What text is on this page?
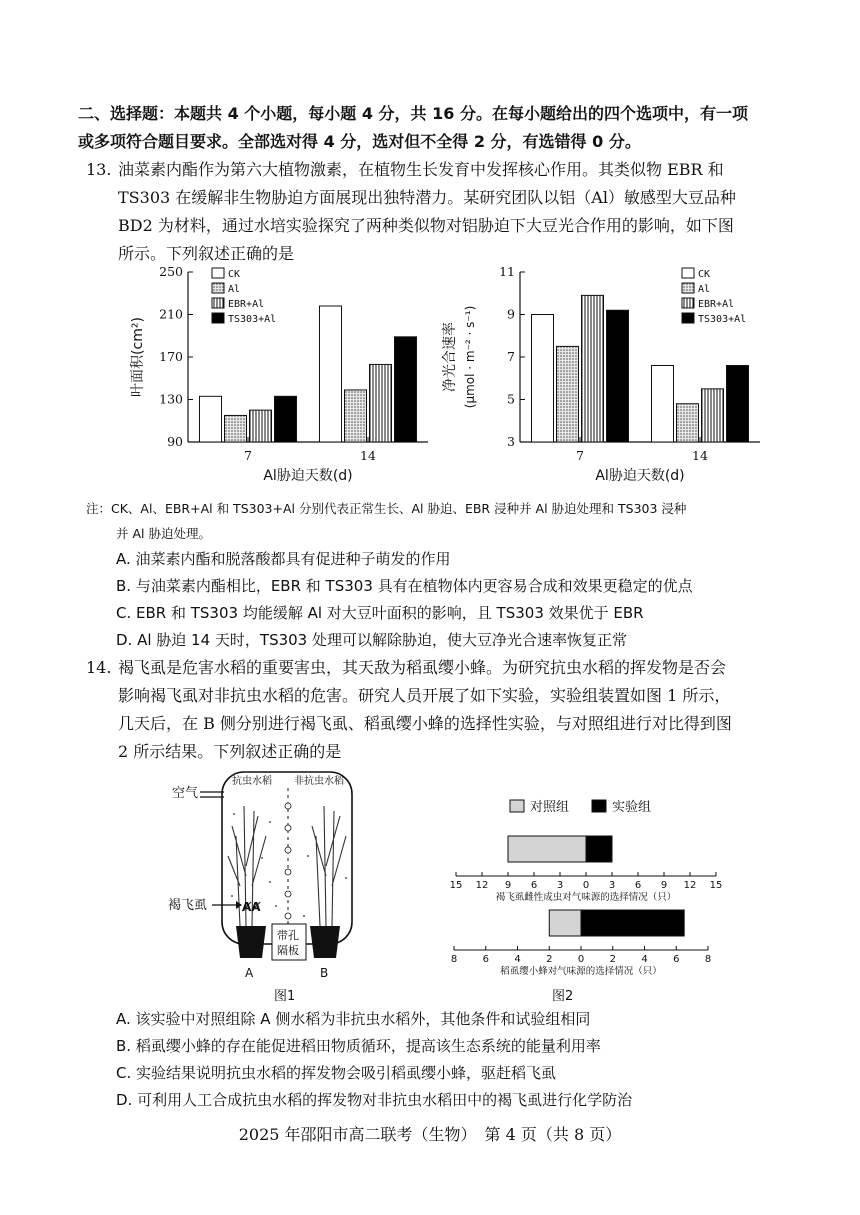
二、选择题：本题共 4 个小题，每小题 4 分，共 16 分。在每小题给出的四个选项中，有一项
或多项符合题目要求。全部选对得 4 分，选对但不全得 2 分，有选错得 0 分。
13. 油菜素内酯作为第六大植物激素，在植物生长发育中发挥核心作用。其类似物 EBR 和
TS303 在缓解非生物胁迫方面展现出独特潜力。某研究团队以铝（Al）敏感型大豆品种
BD2 为材料，通过水培实验探究了两种类似物对铝胁迫下大豆光合作用的影响，如下图
所示。下列叙述正确的是
90
130
170
210
250
7	14
Al胁迫天数(d)
叶面积(cm²)
CK
Al
EBR+Al
TS303+Al
3
5
7
9
11
7	14
Al胁迫天数(d)
净光合速率 (μmol · m⁻² · s⁻¹)
CK
Al
EBR+Al
TS303+Al
注：CK、Al、EBR+Al 和 TS303+Al 分别代表正常生长、Al 胁迫、EBR 浸种并 Al 胁迫处理和 TS303 浸种
并 Al 胁迫处理。
A. 油菜素内酯和脱落酸都具有促进种子萌发的作用
B. 与油菜素内酯相比，EBR 和 TS303 具有在植物体内更容易合成和效果更稳定的优点
C. EBR 和 TS303 均能缓解 Al 对大豆叶面积的影响，且 TS303 效果优于 EBR
D. Al 胁迫 14 天时，TS303 处理可以解除胁迫，使大豆净光合速率恢复正常
14. 褐飞虱是危害水稻的重要害虫，其天敌为稻虱缨小蜂。为研究抗虫水稻的挥发物是否会
影响褐飞虱对非抗虫水稻的危害。研究人员开展了如下实验，实验组装置如图 1 所示，
几天后，在 B 侧分别进行褐飞虱、稻虱缨小蜂的选择性实验，与对照组进行对比得到图
2 所示结果。下列叙述正确的是
空气
抗虫水稻 非抗虫水稻
褐飞虱	ȺȺ
带孔
隔板
A	B
图1
对照组	实验组
15 12 9 6 3 0 3 6 9 12 15
褐飞虱雌性成虫对气味源的选择情况（只）
8	6	4	2	0	2	4	6	8
稻虱缨小蜂对气味源的选择情况（只）
图2
A. 该实验中对照组除 A 侧水稻为非抗虫水稻外，其他条件和试验组相同
B. 稻虱缨小蜂的存在能促进稻田物质循环，提高该生态系统的能量利用率
C. 实验结果说明抗虫水稻的挥发物会吸引稻虱缨小蜂，驱赶稻飞虱
D. 可利用人工合成抗虫水稻的挥发物对非抗虫水稻田中的褐飞虱进行化学防治
2025 年邵阳市高二联考（生物）　第 4 页（共 8 页）
